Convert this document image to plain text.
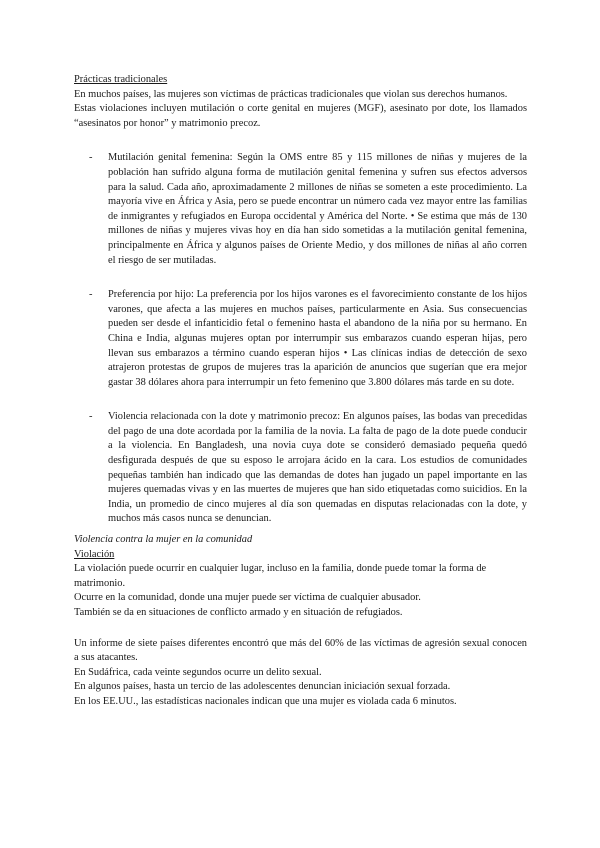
Prácticas tradicionales

En muchos países, las mujeres son víctimas de prácticas tradicionales que violan sus derechos humanos.

Estas violaciones incluyen mutilación o corte genital en mujeres (MGF), asesinato por dote, los llamados “asesinatos por honor” y matrimonio precoz.

- Mutilación genital femenina: Según la OMS entre 85 y 115 millones de niñas y mujeres de la población han sufrido alguna forma de mutilación genital femenina y sufren sus efectos adversos para la salud. Cada año, aproximadamente 2 millones de niñas se someten a este procedimiento. La mayoría vive en África y Asia, pero se puede encontrar un número cada vez mayor entre las familias de inmigrantes y refugiados en Europa occidental y América del Norte. • Se estima que más de 130 millones de niñas y mujeres vivas hoy en día han sido sometidas a la mutilación genital femenina, principalmente en África y algunos países de Oriente Medio, y dos millones de niñas al año corren el riesgo de ser mutiladas.
- Preferencia por hijo: La preferencia por los hijos varones es el favorecimiento constante de los hijos varones, que afecta a las mujeres en muchos países, particularmente en Asia. Sus consecuencias pueden ser desde el infanticidio fetal o femenino hasta el abandono de la niña por su hermano. En China e India, algunas mujeres optan por interrumpir sus embarazos cuando esperan hijas, pero llevan sus embarazos a término cuando esperan hijos • Las clínicas indias de detección de sexo atrajeron protestas de grupos de mujeres tras la aparición de anuncios que sugerían que era mejor gastar 38 dólares ahora para interrumpir un feto femenino que 3.800 dólares más tarde en su dote.
- Violencia relacionada con la dote y matrimonio precoz: En algunos países, las bodas van precedidas del pago de una dote acordada por la familia de la novia. La falta de pago de la dote puede conducir a la violencia. En Bangladesh, una novia cuya dote se consideró demasiado pequeña quedó desfigurada después de que su esposo le arrojara ácido en la cara. Los estudios de comunidades pequeñas también han indicado que las demandas de dotes han jugado un papel importante en las mujeres quemadas vivas y en las muertes de mujeres que han sido etiquetadas como suicidios. En la India, un promedio de cinco mujeres al día son quemadas en disputas relacionadas con la dote, y muchos más casos nunca se denuncian.

Violencia contra la mujer en la comunidad

Violación

La violación puede ocurrir en cualquier lugar, incluso en la familia, donde puede tomar la forma de matrimonio.

Ocurre en la comunidad, donde una mujer puede ser víctima de cualquier abusador.

También se da en situaciones de conflicto armado y en situación de refugiados.

Un informe de siete países diferentes encontró que más del 60% de las víctimas de agresión sexual conocen a sus atacantes.

En Sudáfrica, cada veinte segundos ocurre un delito sexual.

En algunos países, hasta un tercio de las adolescentes denuncian iniciación sexual forzada.

En los EE.UU., las estadísticas nacionales indican que una mujer es violada cada 6 minutos.
